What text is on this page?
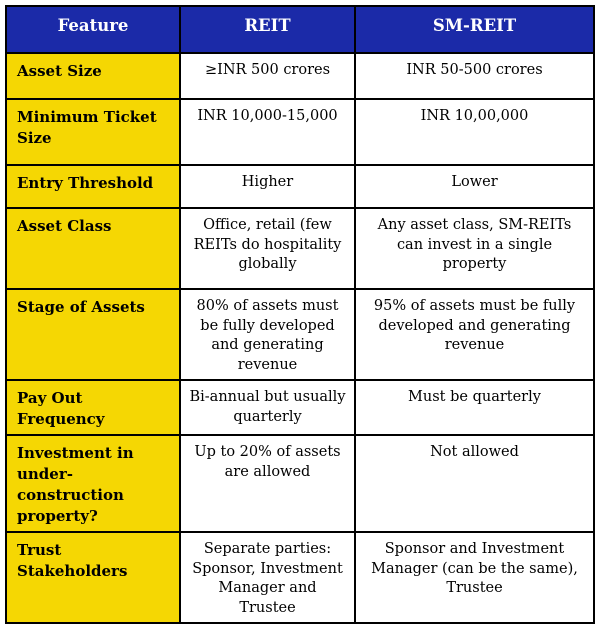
Feature	REIT	SM-REIT
Asset Size	≥INR 500 crores	INR 50-500 crores
Minimum Ticket Size	INR 10,000-15,000	INR 10,00,000
Entry Threshold	Higher	Lower
Asset Class	Office, retail (few REITs do hospitality globally	Any asset class, SM-REITs can invest in a single property
Stage of Assets	80% of assets must be fully developed and generating revenue	95% of assets must be fully developed and generating revenue
Pay Out Frequency	Bi-annual but usually quarterly	Must be quarterly
Investment in under-construction property?	Up to 20% of assets are allowed	Not allowed
Trust Stakeholders	Separate parties: Sponsor, Investment Manager and Trustee	Sponsor and Investment Manager (can be the same), Trustee
